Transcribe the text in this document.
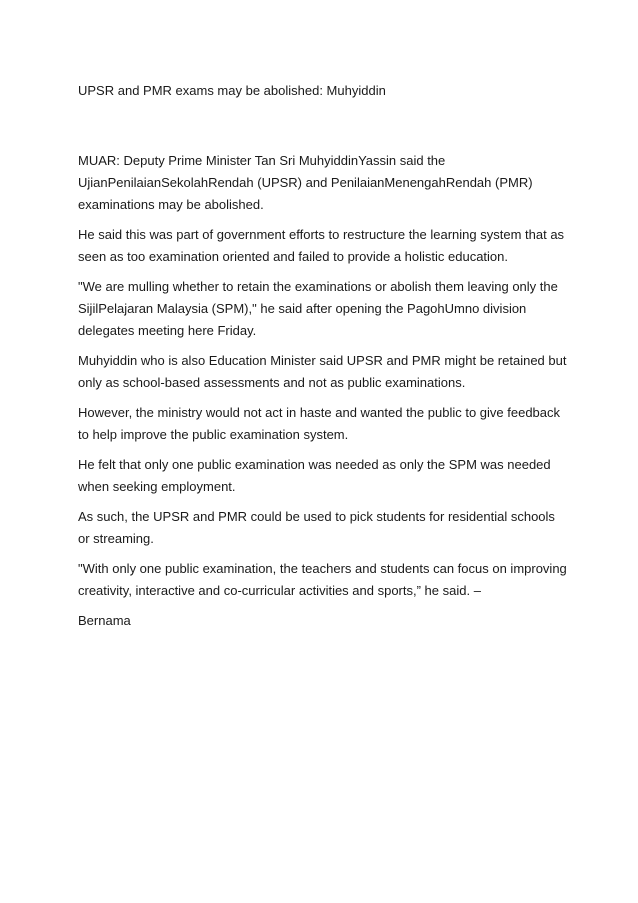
UPSR and PMR exams may be abolished: Muhyiddin

MUAR: Deputy Prime Minister Tan Sri MuhyiddinYassin said the
UjianPenilaianSekolahRendah (UPSR) and PenilaianMenengahRendah (PMR)
examinations may be abolished.

He said this was part of government efforts to restructure the learning system that as
seen as too examination oriented and failed to provide a holistic education.

"We are mulling whether to retain the examinations or abolish them leaving only the
SijilPelajaran Malaysia (SPM)," he said after opening the PagohUmno division
delegates meeting here Friday.

Muhyiddin who is also Education Minister said UPSR and PMR might be retained but
only as school-based assessments and not as public examinations.

However, the ministry would not act in haste and wanted the public to give feedback
to help improve the public examination system.

He felt that only one public examination was needed as only the SPM was needed
when seeking employment.

As such, the UPSR and PMR could be used to pick students for residential schools
or streaming.

"With only one public examination, the teachers and students can focus on improving
creativity, interactive and co-curricular activities and sports,” he said. –

Bernama
